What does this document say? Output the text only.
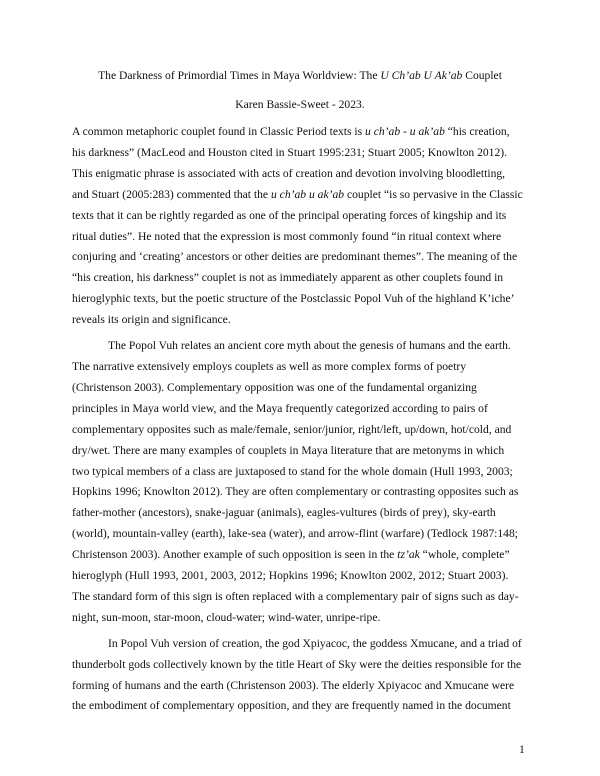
The Darkness of Primordial Times in Maya Worldview: The U Ch’ab U Ak’ab Couplet
Karen Bassie-Sweet - 2023.

A common metaphoric couplet found in Classic Period texts is u ch’ab - u ak’ab “his creation,
his darkness” (MacLeod and Houston cited in Stuart 1995:231; Stuart 2005; Knowlton 2012).
This enigmatic phrase is associated with acts of creation and devotion involving bloodletting,
and Stuart (2005:283) commented that the u ch’ab u ak’ab couplet “is so pervasive in the Classic
texts that it can be rightly regarded as one of the principal operating forces of kingship and its
ritual duties”. He noted that the expression is most commonly found “in ritual context where
conjuring and ‘creating’ ancestors or other deities are predominant themes”. The meaning of the
“his creation, his darkness” couplet is not as immediately apparent as other couplets found in
hieroglyphic texts, but the poetic structure of the Postclassic Popol Vuh of the highland K’iche’
reveals its origin and significance.

The Popol Vuh relates an ancient core myth about the genesis of humans and the earth.
The narrative extensively employs couplets as well as more complex forms of poetry
(Christenson 2003). Complementary opposition was one of the fundamental organizing
principles in Maya world view, and the Maya frequently categorized according to pairs of
complementary opposites such as male/female, senior/junior, right/left, up/down, hot/cold, and
dry/wet. There are many examples of couplets in Maya literature that are metonyms in which
two typical members of a class are juxtaposed to stand for the whole domain (Hull 1993, 2003;
Hopkins 1996; Knowlton 2012). They are often complementary or contrasting opposites such as
father-mother (ancestors), snake-jaguar (animals), eagles-vultures (birds of prey), sky-earth
(world), mountain-valley (earth), lake-sea (water), and arrow-flint (warfare) (Tedlock 1987:148;
Christenson 2003). Another example of such opposition is seen in the tz’ak “whole, complete”
hieroglyph (Hull 1993, 2001, 2003, 2012; Hopkins 1996; Knowlton 2002, 2012; Stuart 2003).
The standard form of this sign is often replaced with a complementary pair of signs such as day-
night, sun-moon, star-moon, cloud-water; wind-water, unripe-ripe.

In Popol Vuh version of creation, the god Xpiyacoc, the goddess Xmucane, and a triad of
thunderbolt gods collectively known by the title Heart of Sky were the deities responsible for the
forming of humans and the earth (Christenson 2003). The elderly Xpiyacoc and Xmucane were
the embodiment of complementary opposition, and they are frequently named in the document

1
